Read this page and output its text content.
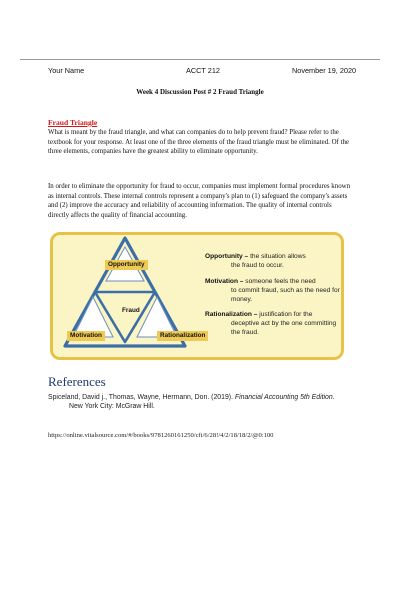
Your Name	ACCT 212	November 19, 2020
Week 4 Discussion Post # 2 Fraud Triangle
Fraud Triangle

What is meant by the fraud triangle, and what can companies do to help prevent fraud? Please refer to the textbook for your response. At least one of the three elements of the fraud triangle must be eliminated. Of the three elements, companies have the greatest ability to eliminate opportunity.

In order to eliminate the opportunity for fraud to occur, companies must implement formal procedures known as internal controls. These internal controls represent a company's plan to (1) safeguard the company's assets and (2) improve the accuracy and reliability of accounting information. The quality of internal controls directly affects the quality of financial accounting.

Opportunity
Fraud
Motivation	Rationalization

Opportunity – the situation allows
the fraud to occur.

Motivation – someone feels the need
to commit fraud, such as the need for money.

Rationalization – justification for the
deceptive act by the one committing the fraud.

References

Spiceland, David j., Thomas, Wayne, Hermann, Don. (2019). Financial Accounting 5th Edition.
New York City: McGraw Hill.

https://online.vitalsource.com/#/books/9781260161250/cfi/6/28!/4/2/18/18/2/@0:100
